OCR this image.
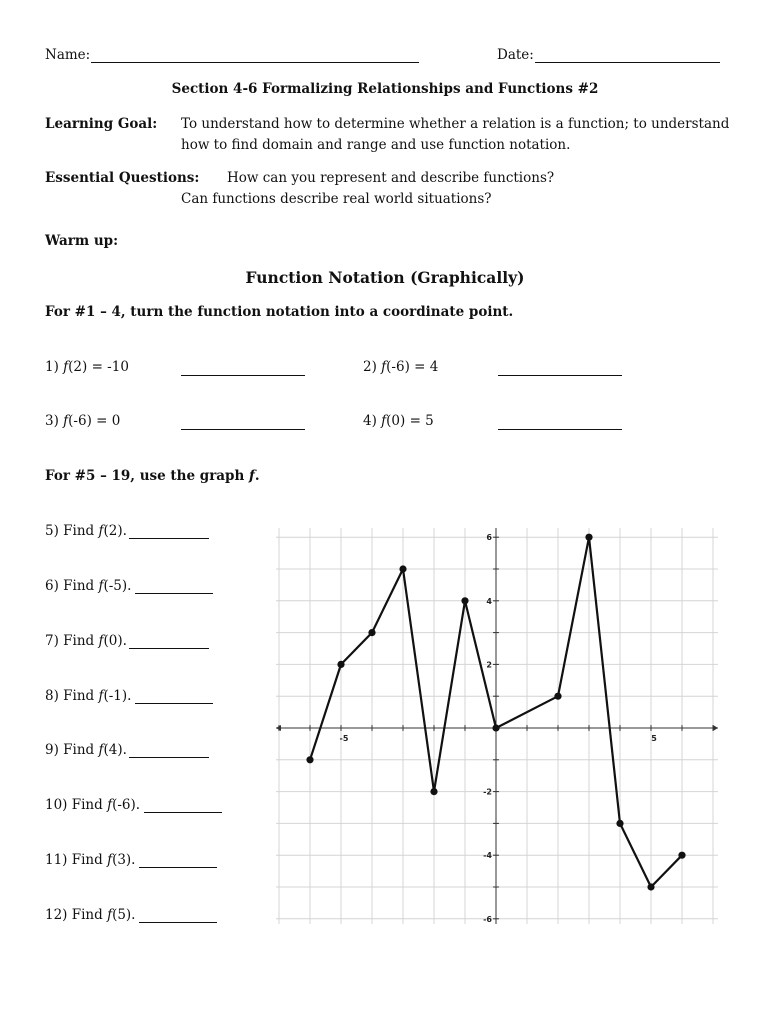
Name:	Date:
Section 4-6 Formalizing Relationships and Functions #2
Learning Goal: To understand how to determine whether a relation is a function; to understand
how to find domain and range and use function notation.
Essential Questions: How can you represent and describe functions?
Can functions describe real world situations?
Warm up:
Function Notation (Graphically)
For #1 – 4, turn the function notation into a coordinate point.
1) f(2) = -10	2) f(-6) = 4
3) f(-6) = 0	4) f(0) = 5
For #5 – 19, use the graph f.
5) Find f(2).
6) Find f(-5).
7) Find f(0).
8) Find f(-1).
9) Find f(4).
10) Find f(-6).
11) Find f(3).
12) Find f(5).
-5	5
6
4
2
-2
-4
-6
